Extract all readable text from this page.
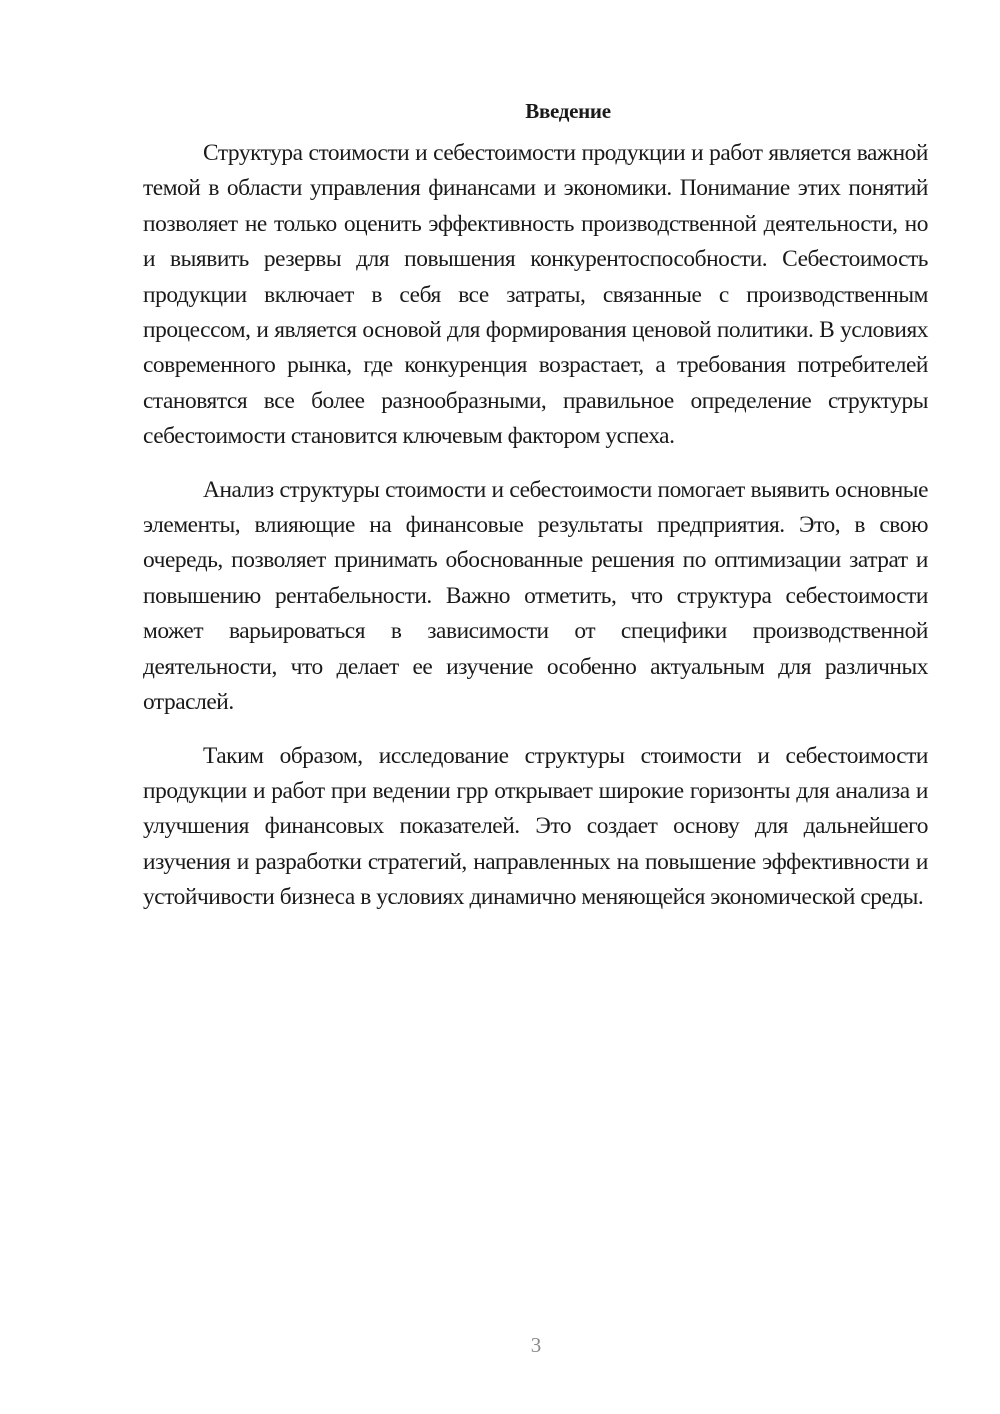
Введение

Структура стоимости и себестоимости продукции и работ является важной темой в области управления финансами и экономики. Понимание этих понятий позволяет не только оценить эффективность производственной деятельности, но и выявить резервы для повышения конкурентоспособности. Себестоимость продукции включает в себя все затраты, связанные с производственным процессом, и является основой для формирования ценовой политики. В условиях современного рынка, где конкуренция возрастает, а требования потребителей становятся все более разнообразными, правильное определение структуры себестоимости становится ключевым фактором успеха.

Анализ структуры стоимости и себестоимости помогает выявить основные элементы, влияющие на финансовые результаты предприятия. Это, в свою очередь, позволяет принимать обоснованные решения по оптимизации затрат и повышению рентабельности. Важно отметить, что структура себестоимости может варьироваться в зависимости от специфики производственной деятельности, что делает ее изучение особенно актуальным для различных отраслей.

Таким образом, исследование структуры стоимости и себестоимости продукции и работ при ведении грр открывает широкие горизонты для анализа и улучшения финансовых показателей. Это создает основу для дальнейшего изучения и разработки стратегий, направленных на повышение эффективности и устойчивости бизнеса в условиях динамично меняющейся экономической среды.

3
